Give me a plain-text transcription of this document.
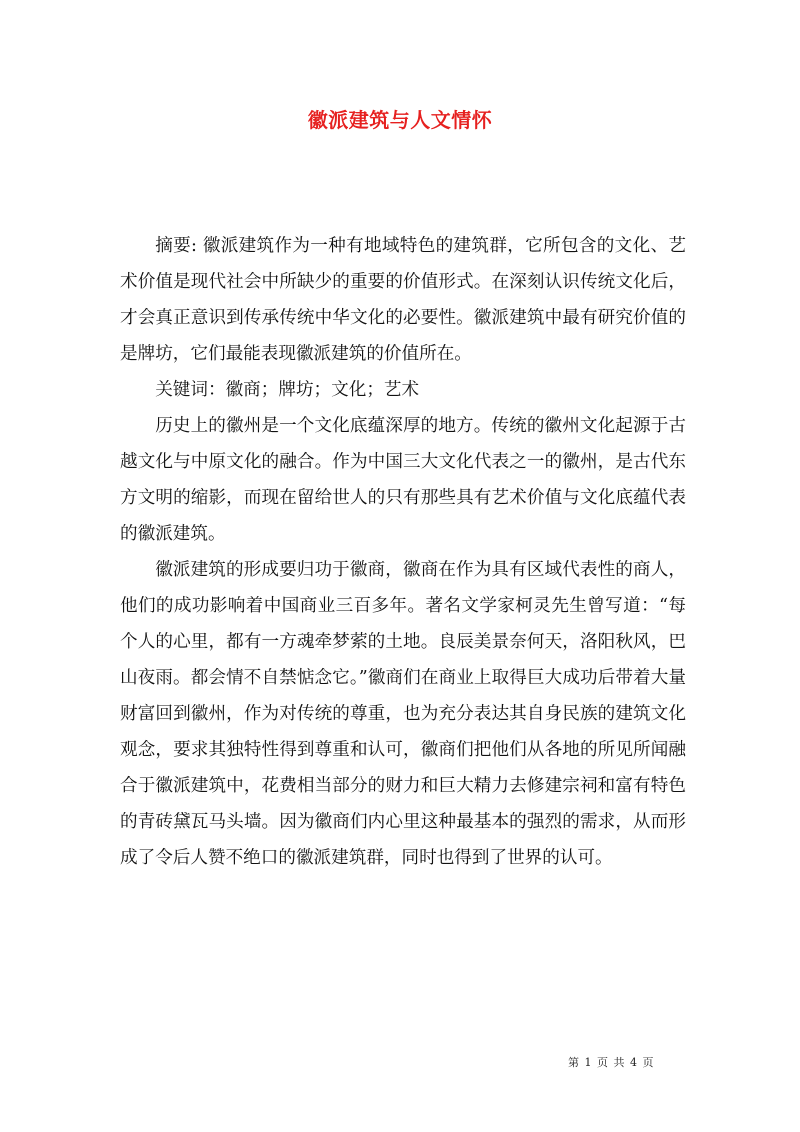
徽派建筑与人文情怀

摘要: 徽派建筑作为一种有地域特色的建筑群，它所包含的文化、艺术价值是现代社会中所缺少的重要的价值形式。在深刻认识传统文化后，才会真正意识到传承传统中华文化的必要性。徽派建筑中最有研究价值的是牌坊，它们最能表现徽派建筑的价值所在。

关键词：徽商；牌坊；文化；艺术

历史上的徽州是一个文化底蕴深厚的地方。传统的徽州文化起源于古越文化与中原文化的融合。作为中国三大文化代表之一的徽州，是古代东方文明的缩影，而现在留给世人的只有那些具有艺术价值与文化底蕴代表的徽派建筑。

徽派建筑的形成要归功于徽商，徽商在作为具有区域代表性的商人，他们的成功影响着中国商业三百多年。著名文学家柯灵先生曾写道：“每个人的心里，都有一方魂牵梦萦的土地。良辰美景奈何天，洛阳秋风，巴山夜雨。都会情不自禁惦念它。”徽商们在商业上取得巨大成功后带着大量财富回到徽州，作为对传统的尊重，也为充分表达其自身民族的建筑文化观念，要求其独特性得到尊重和认可，徽商们把他们从各地的所见所闻融合于徽派建筑中，花费相当部分的财力和巨大精力去修建宗祠和富有特色的青砖黛瓦马头墙。因为徽商们内心里这种最基本的强烈的需求，从而形成了令后人赞不绝口的徽派建筑群，同时也得到了世界的认可。

第 1 页 共 4 页
